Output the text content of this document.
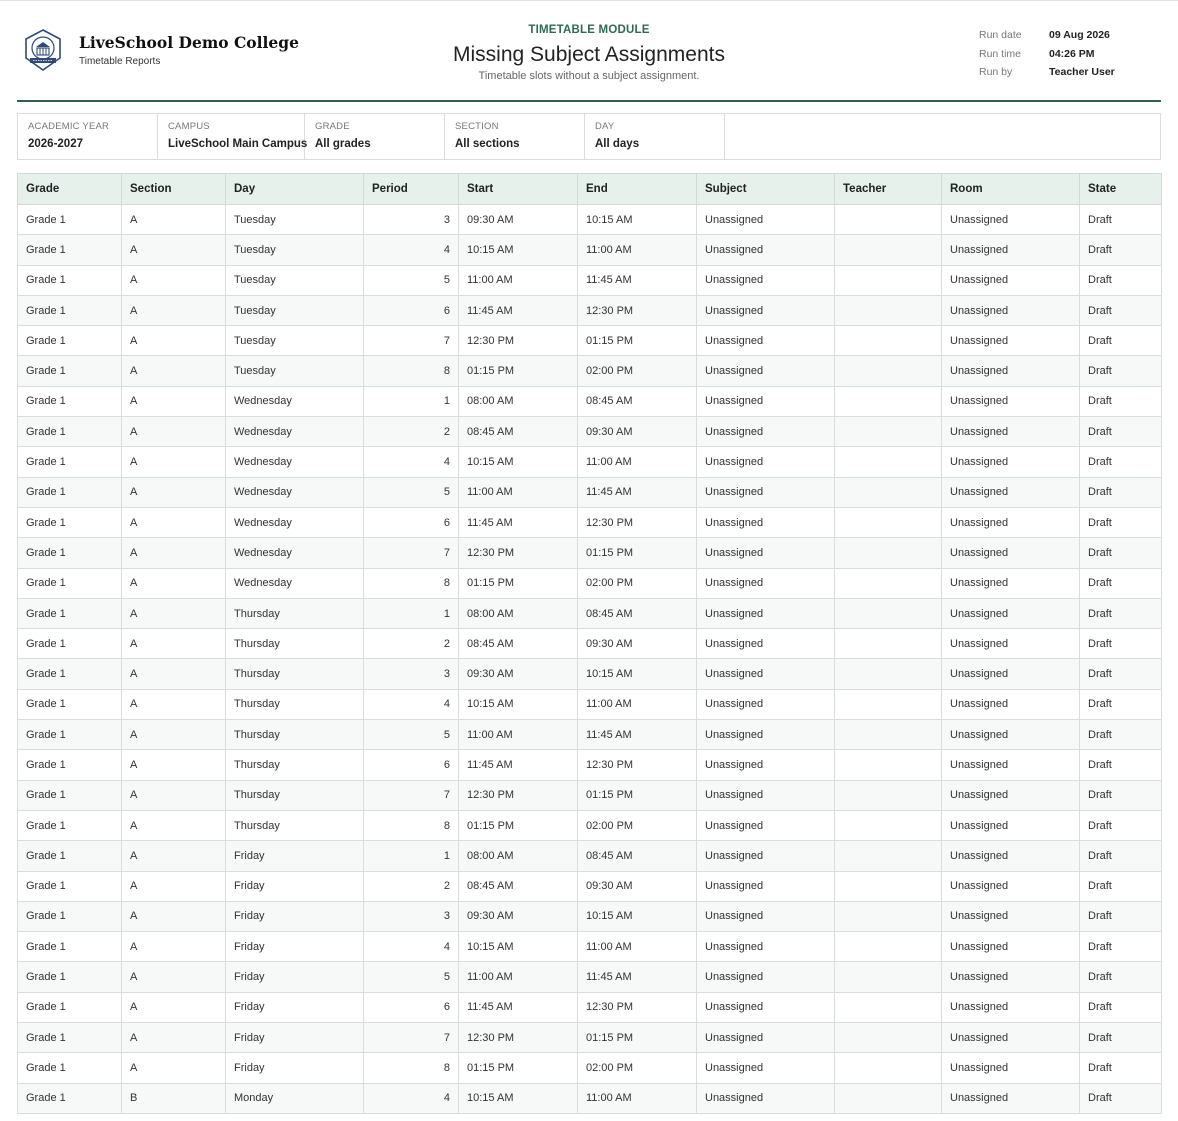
LiveSchool Demo College
Timetable Reports
TIMETABLE MODULE
Missing Subject Assignments
Timetable slots without a subject assignment.
Run date	09 Aug 2026
Run time	04:26 PM
Run by	Teacher User
ACADEMIC YEAR
2026-2027
CAMPUS
LiveSchool Main Campus
GRADE
All grades
SECTION
All sections
DAY
All days
Grade	Section	Day	Period	Start	End	Subject	Teacher	Room	State
Grade 1	A	Tuesday	3	09:30 AM	10:15 AM	Unassigned		Unassigned	Draft
Grade 1	A	Tuesday	4	10:15 AM	11:00 AM	Unassigned		Unassigned	Draft
Grade 1	A	Tuesday	5	11:00 AM	11:45 AM	Unassigned		Unassigned	Draft
Grade 1	A	Tuesday	6	11:45 AM	12:30 PM	Unassigned		Unassigned	Draft
Grade 1	A	Tuesday	7	12:30 PM	01:15 PM	Unassigned		Unassigned	Draft
Grade 1	A	Tuesday	8	01:15 PM	02:00 PM	Unassigned		Unassigned	Draft
Grade 1	A	Wednesday	1	08:00 AM	08:45 AM	Unassigned		Unassigned	Draft
Grade 1	A	Wednesday	2	08:45 AM	09:30 AM	Unassigned		Unassigned	Draft
Grade 1	A	Wednesday	4	10:15 AM	11:00 AM	Unassigned		Unassigned	Draft
Grade 1	A	Wednesday	5	11:00 AM	11:45 AM	Unassigned		Unassigned	Draft
Grade 1	A	Wednesday	6	11:45 AM	12:30 PM	Unassigned		Unassigned	Draft
Grade 1	A	Wednesday	7	12:30 PM	01:15 PM	Unassigned		Unassigned	Draft
Grade 1	A	Wednesday	8	01:15 PM	02:00 PM	Unassigned		Unassigned	Draft
Grade 1	A	Thursday	1	08:00 AM	08:45 AM	Unassigned		Unassigned	Draft
Grade 1	A	Thursday	2	08:45 AM	09:30 AM	Unassigned		Unassigned	Draft
Grade 1	A	Thursday	3	09:30 AM	10:15 AM	Unassigned		Unassigned	Draft
Grade 1	A	Thursday	4	10:15 AM	11:00 AM	Unassigned		Unassigned	Draft
Grade 1	A	Thursday	5	11:00 AM	11:45 AM	Unassigned		Unassigned	Draft
Grade 1	A	Thursday	6	11:45 AM	12:30 PM	Unassigned		Unassigned	Draft
Grade 1	A	Thursday	7	12:30 PM	01:15 PM	Unassigned		Unassigned	Draft
Grade 1	A	Thursday	8	01:15 PM	02:00 PM	Unassigned		Unassigned	Draft
Grade 1	A	Friday	1	08:00 AM	08:45 AM	Unassigned		Unassigned	Draft
Grade 1	A	Friday	2	08:45 AM	09:30 AM	Unassigned		Unassigned	Draft
Grade 1	A	Friday	3	09:30 AM	10:15 AM	Unassigned		Unassigned	Draft
Grade 1	A	Friday	4	10:15 AM	11:00 AM	Unassigned		Unassigned	Draft
Grade 1	A	Friday	5	11:00 AM	11:45 AM	Unassigned		Unassigned	Draft
Grade 1	A	Friday	6	11:45 AM	12:30 PM	Unassigned		Unassigned	Draft
Grade 1	A	Friday	7	12:30 PM	01:15 PM	Unassigned		Unassigned	Draft
Grade 1	A	Friday	8	01:15 PM	02:00 PM	Unassigned		Unassigned	Draft
Grade 1	B	Monday	4	10:15 AM	11:00 AM	Unassigned		Unassigned	Draft
